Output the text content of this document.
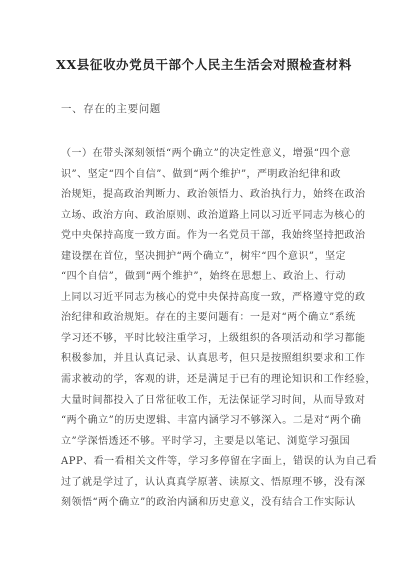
XX县征收办党员干部个人民主生活会对照检查材料
一、存在的主要问题
（一）在带头深刻领悟“两个确立”的决定性意义，增强“四个意
识”、坚定“四个自信”、做到“两个维护”，严明政治纪律和政
治规矩，提高政治判断力、政治领悟力、政治执行力，始终在政治
立场、政治方向、政治原则、政治道路上同以习近平同志为核心的
党中央保持高度一致方面。作为一名党员干部，我始终坚持把政治
建设摆在首位，坚决拥护“两个确立”，树牢“四个意识”，坚定
“四个自信”，做到“两个维护”，始终在思想上、政治上、行动
上同以习近平同志为核心的党中央保持高度一致，严格遵守党的政
治纪律和政治规矩。存在的主要问题有：一是对“两个确立”系统
学习还不够，平时比较注重学习，上级组织的各项活动和学习都能
积极参加，并且认真记录、认真思考，但只是按照组织要求和工作
需求被动的学，客观的讲，还是满足于已有的理论知识和工作经验，
大量时间都投入了日常征收工作，无法保证学习时间，从而导致对
“两个确立”的历史逻辑、丰富内涵学习不够深入。二是对“两个确
立”学深悟透还不够。平时学习，主要是以笔记、浏览学习强国
APP、看一看相关文件等，学习多停留在字面上，错误的认为自己看
过了就是学过了，认认真真学原著、读原文、悟原理不够，没有深
刻领悟“两个确立”的政治内涵和历史意义，没有结合工作实际认
